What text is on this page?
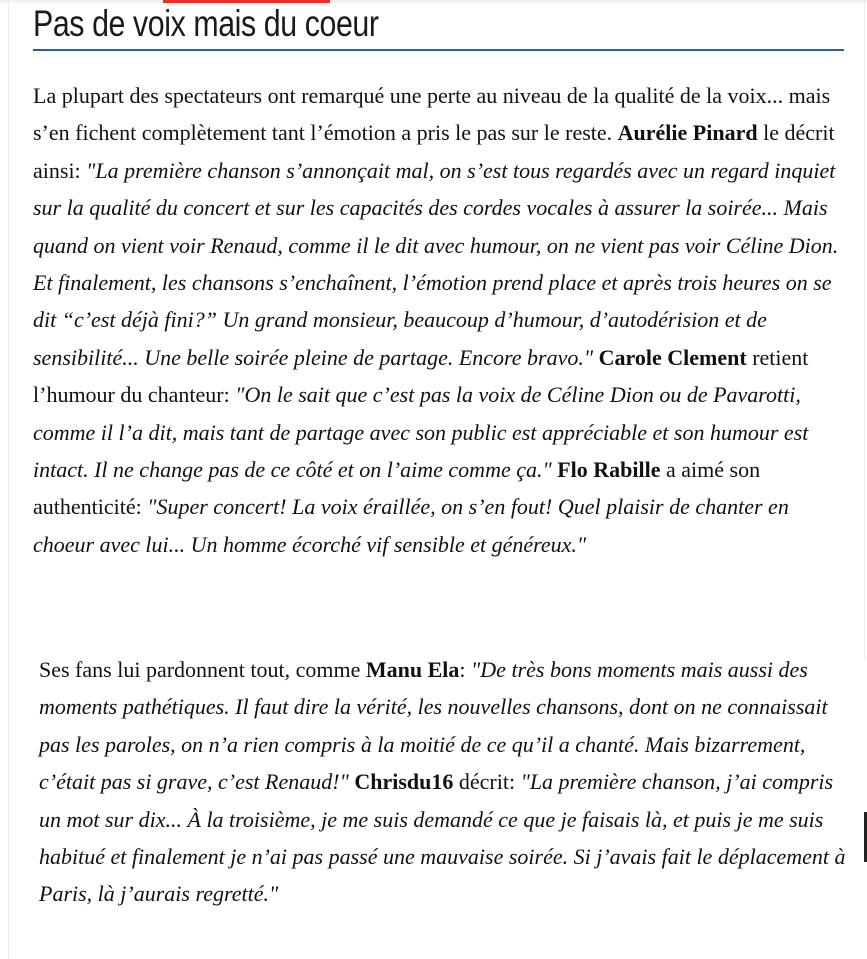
Pas de voix mais du coeur

La plupart des spectateurs ont remarqué une perte au niveau de la qualité de la voix... mais s’en fichent complètement tant l’émotion a pris le pas sur le reste. Aurélie Pinard le décrit ainsi: "La première chanson s’annonçait mal, on s’est tous regardés avec un regard inquiet sur la qualité du concert et sur les capacités des cordes vocales à assurer la soirée... Mais quand on vient voir Renaud, comme il le dit avec humour, on ne vient pas voir Céline Dion. Et finalement, les chansons s’enchaînent, l’émotion prend place et après trois heures on se dit “c’est déjà fini?” Un grand monsieur, beaucoup d’humour, d’autodérision et de sensibilité... Une belle soirée pleine de partage. Encore bravo." Carole Clement retient l’humour du chanteur: "On le sait que c’est pas la voix de Céline Dion ou de Pavarotti, comme il l’a dit, mais tant de partage avec son public est appréciable et son humour est intact. Il ne change pas de ce côté et on l’aime comme ça." Flo Rabille a aimé son authenticité: "Super concert! La voix éraillée, on s’en fout! Quel plaisir de chanter en choeur avec lui... Un homme écorché vif sensible et généreux."

Ses fans lui pardonnent tout, comme Manu Ela: "De très bons moments mais aussi des moments pathétiques. Il faut dire la vérité, les nouvelles chansons, dont on ne connaissait pas les paroles, on n’a rien compris à la moitié de ce qu’il a chanté. Mais bizarrement, c’était pas si grave, c’est Renaud!" Chrisdu16 décrit: "La première chanson, j’ai compris un mot sur dix... À la troisième, je me suis demandé ce que je faisais là, et puis je me suis habitué et finalement je n’ai pas passé une mauvaise soirée. Si j’avais fait le déplacement à Paris, là j’aurais regretté."
